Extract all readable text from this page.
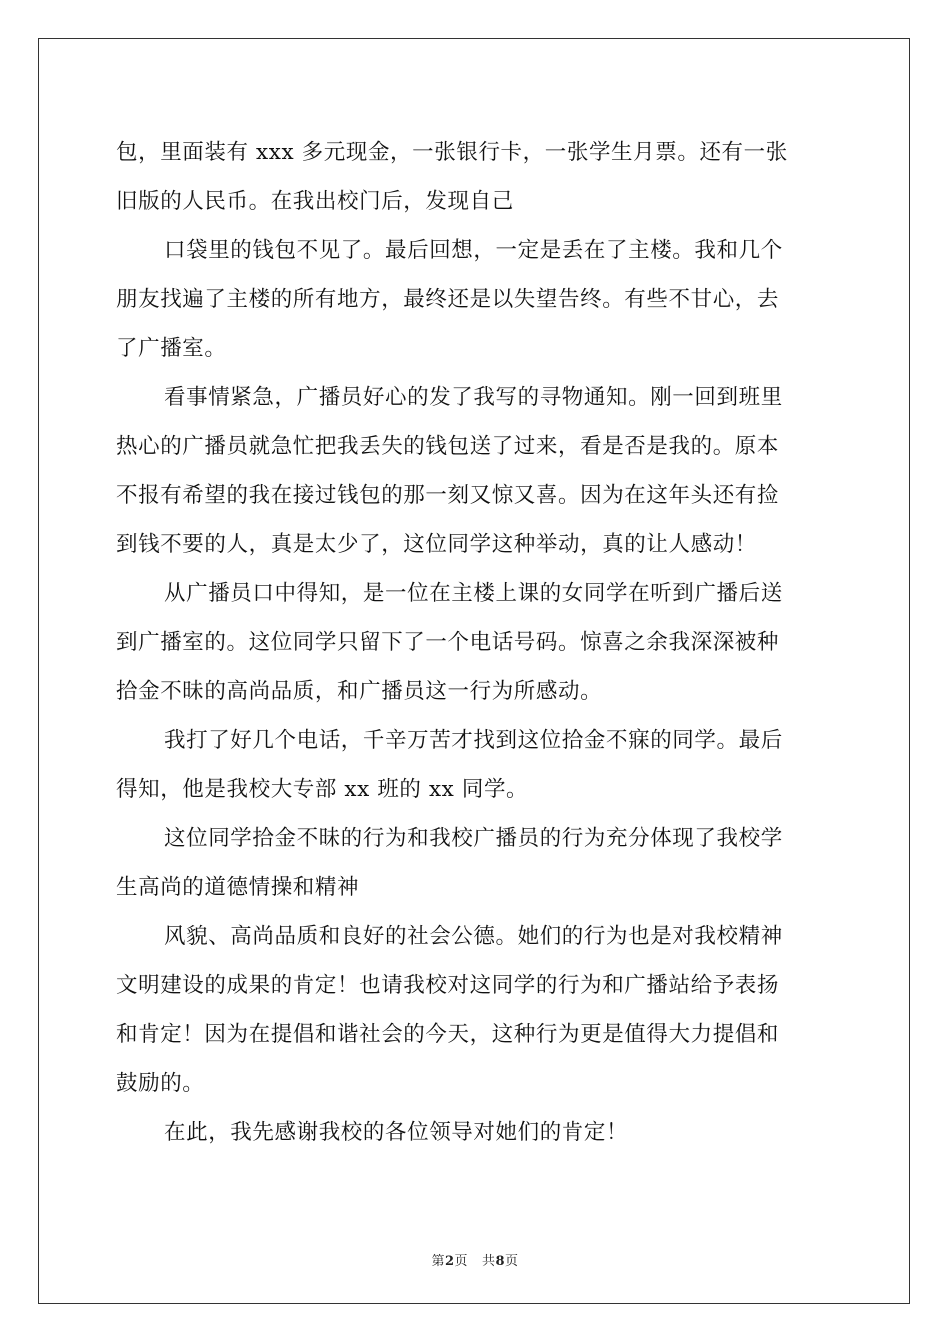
包，里面装有 xxx 多元现金，一张银行卡，一张学生月票。还有一张
旧版的人民币。在我出校门后，发现自己

口袋里的钱包不见了。最后回想，一定是丢在了主楼。我和几个
朋友找遍了主楼的所有地方，最终还是以失望告终。有些不甘心，去
了广播室。

看事情紧急，广播员好心的发了我写的寻物通知。刚一回到班里
热心的广播员就急忙把我丢失的钱包送了过来，看是否是我的。原本
不报有希望的我在接过钱包的那一刻又惊又喜。因为在这年头还有捡
到钱不要的人，真是太少了，这位同学这种举动，真的让人感动！

从广播员口中得知，是一位在主楼上课的女同学在听到广播后送
到广播室的。这位同学只留下了一个电话号码。惊喜之余我深深被种
拾金不昧的高尚品质，和广播员这一行为所感动。

我打了好几个电话，千辛万苦才找到这位拾金不寐的同学。最后
得知，他是我校大专部 xx 班的 xx 同学。

这位同学拾金不昧的行为和我校广播员的行为充分体现了我校学
生高尚的道德情操和精神

风貌、高尚品质和良好的社会公德。她们的行为也是对我校精神
文明建设的成果的肯定！也请我校对这同学的行为和广播站给予表扬
和肯定！因为在提倡和谐社会的今天，这种行为更是值得大力提倡和
鼓励的。

在此，我先感谢我校的各位领导对她们的肯定！

第2页 共8页
